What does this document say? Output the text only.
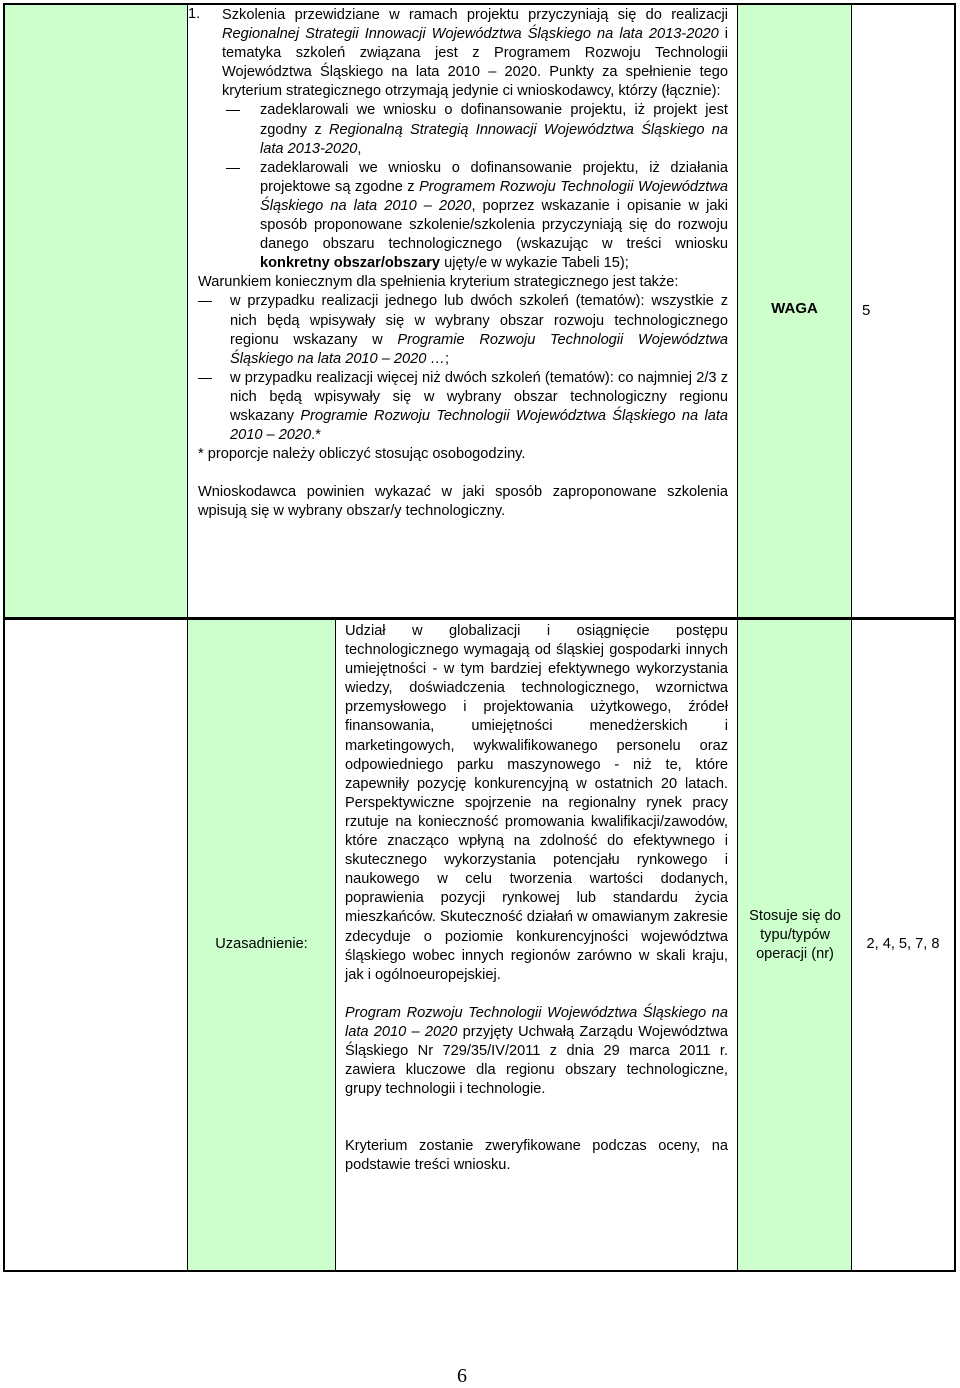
1.	Szkolenia przewidziane w ramach projektu przyczyniają się do realizacji Regionalnej Strategii Innowacji Województwa Śląskiego na lata 2013-2020 i tematyka szkoleń związana jest z Programem Rozwoju Technologii Województwa Śląskiego na lata 2010 – 2020. Punkty za spełnienie tego kryterium strategicznego otrzymają jedynie ci wnioskodawcy, którzy (łącznie):

zadeklarowali we wniosku o dofinansowanie projektu, iż projekt jest zgodny z Regionalną Strategią Innowacji Województwa Śląskiego na lata 2013-2020,
zadeklarowali we wniosku o dofinansowanie projektu, iż działania projektowe są zgodne z Programem Rozwoju Technologii Województwa Śląskiego na lata 2010 – 2020, poprzez wskazanie i opisanie w jaki sposób proponowane szkolenie/szkolenia przyczyniają się do rozwoju danego obszaru technologicznego (wskazując w treści wniosku konkretny obszar/obszary ujęty/e w wykazie Tabeli 15);

Warunkiem koniecznym dla spełnienia kryterium strategicznego jest także:

w przypadku realizacji jednego lub dwóch szkoleń (tematów): wszystkie z nich będą wpisywały się w wybrany obszar rozwoju technologicznego regionu wskazany w Programie Rozwoju Technologii Województwa Śląskiego na lata 2010 – 2020 …;
w przypadku realizacji więcej niż dwóch szkoleń (tematów): co najmniej 2/3 z nich będą wpisywały się w wybrany obszar technologiczny regionu wskazany Programie Rozwoju Technologii Województwa Śląskiego na lata 2010 – 2020.*

* proporcje należy obliczyć stosując osobogodziny.

Wnioskodawca powinien wykazać w jaki sposób zaproponowane szkolenia wpisują się w wybrany obszar/y technologiczny.

WAGA	5
Uzasadnienie:

Udział w globalizacji i osiągnięcie postępu technologicznego wymagają od śląskiej gospodarki innych umiejętności - w tym bardziej efektywnego wykorzystania wiedzy, doświadczenia technologicznego, wzornictwa przemysłowego i projektowania użytkowego, źródeł finansowania, umiejętności menedżerskich i marketingowych, wykwalifikowanego personelu oraz odpowiedniego parku maszynowego - niż te, które zapewniły pozycję konkurencyjną w ostatnich 20 latach. Perspektywiczne spojrzenie na regionalny rynek pracy rzutuje na konieczność promowania kwalifikacji/zawodów, które znacząco wpłyną na zdolność do efektywnego i skutecznego wykorzystania potencjału rynkowego i naukowego w celu tworzenia wartości dodanych, poprawienia pozycji rynkowej lub standardu życia mieszkańców. Skuteczność działań w omawianym zakresie zdecyduje o poziomie konkurencyjności województwa śląskiego wobec innych regionów zarówno w skali kraju, jak i ogólnoeuropejskiej.

Program Rozwoju Technologii Województwa Śląskiego na lata 2010 – 2020 przyjęty Uchwałą Zarządu Województwa Śląskiego Nr 729/35/IV/2011 z dnia 29 marca 2011 r. zawiera kluczowe dla regionu obszary technologiczne, grupy technologii i technologie.

Kryterium zostanie zweryfikowane podczas oceny, na podstawie treści wniosku.

Stosuje się do typu/typów operacji (nr)
2, 4, 5, 7, 8
6
